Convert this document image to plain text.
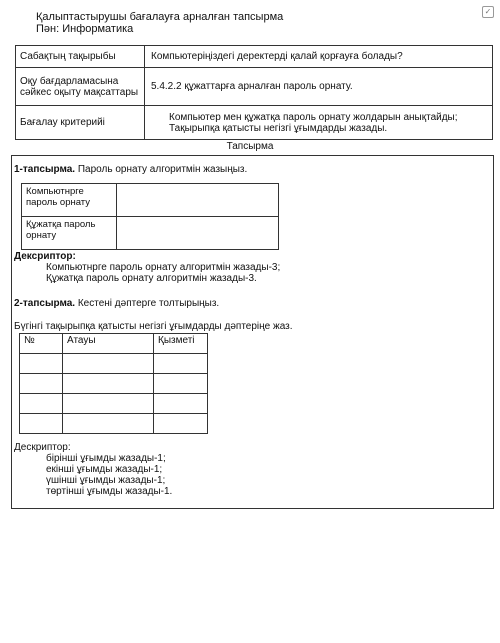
✓
Қалыптастырушы бағалауға арналған тапсырма
Пән: Информатика
Сабақтың тақырыбы	Компьютеріңіздегі деректерді қалай қорғауға болады?
Оқу бағдарламасына сәйкес оқыту мақсаттары	5.4.2.2 құжаттарға арналған пароль орнату.
Бағалау критерийі	Компьютер мен құжатқа пароль орнату жолдарын анықтайды;
Тақырыпқа қатысты негізгі ұғымдарды жазады.
Тапсырма
1-тапсырма. Пароль орнату алгоритмін жазыңыз.
Компьютнрге пароль орнату	
Құжатқа пароль орнату	
Дексриптор:
Компьютнрге пароль орнату алгоритмін жазады-3;
Құжатқа пароль орнату алгоритмін жазады-3.
2-тапсырма. Кестені дәптерге толтырыңыз.
Бүгінгі тақырыпқа қатысты негізгі ұғымдарды дәптеріңе жаз.
№	Атауы	Қызметі

Дескриптор:
бірінші ұғымды жазады-1;
екінші ұғымды жазады-1;
үшінші ұғымды жазады-1;
төртінші ұғымды жазады-1.
